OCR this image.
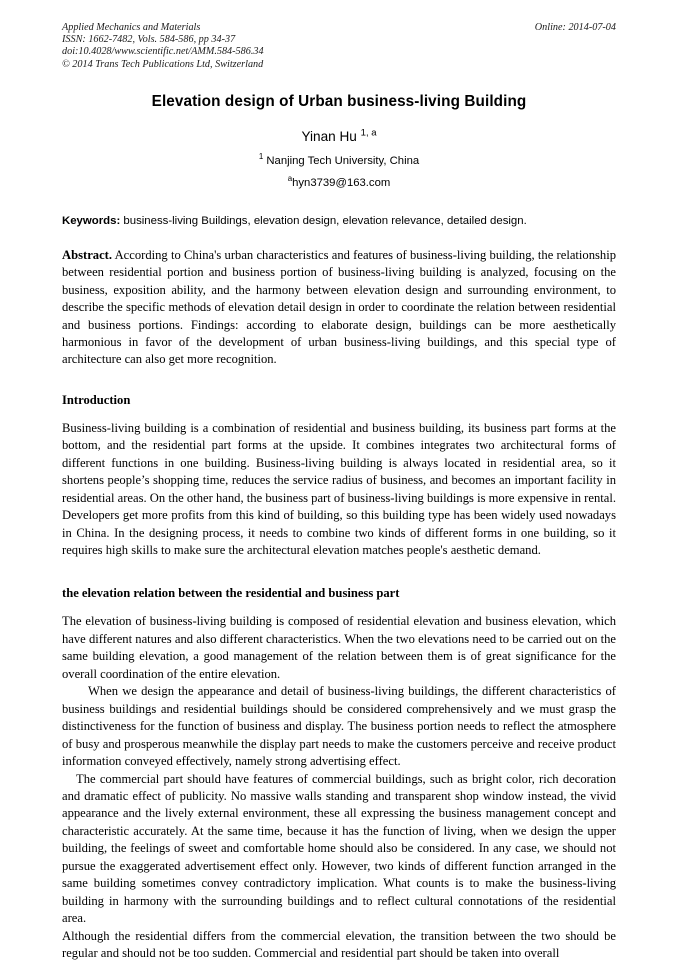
Applied Mechanics and Materials
ISSN: 1662-7482, Vols. 584-586, pp 34-37
doi:10.4028/www.scientific.net/AMM.584-586.34
© 2014 Trans Tech Publications Ltd, Switzerland
Online: 2014-07-04
Elevation design of Urban business-living Building
Yinan Hu $^{1, a}$
$^1$ Nanjing Tech University, China
$^a$hyn3739@163.com
Keywords: business-living Buildings, elevation design, elevation relevance, detailed design.
Abstract. According to China's urban characteristics and features of business-living building, the relationship between residential portion and business portion of business-living building is analyzed, focusing on the business, exposition ability, and the harmony between elevation design and surrounding environment, to describe the specific methods of elevation detail design in order to coordinate the relation between residential and business portions. Findings: according to elaborate design, buildings can be more aesthetically harmonious in favor of the development of urban business-living buildings, and this special type of architecture can also get more recognition.
Introduction

Business-living building is a combination of residential and business building, its business part forms at the bottom, and the residential part forms at the upside. It combines integrates two architectural forms of different functions in one building. Business-living building is always located in residential area, so it shortens people’s shopping time, reduces the service radius of business, and becomes an important facility in residential areas. On the other hand, the business part of business-living buildings is more expensive in rental. Developers get more profits from this kind of building, so this building type has been widely used nowadays in China. In the designing process, it needs to combine two kinds of different forms in one building, so it requires high skills to make sure the architectural elevation matches people's aesthetic demand.

the elevation relation between the residential and business part

The elevation of business-living building is composed of residential elevation and business elevation, which have different natures and also different characteristics. When the two elevations need to be carried out on the same building elevation, a good management of the relation between them is of great significance for the overall coordination of the entire elevation.

When we design the appearance and detail of business-living buildings, the different characteristics of business buildings and residential buildings should be considered comprehensively and we must grasp the distinctiveness for the function of business and display. The business portion needs to reflect the atmosphere of busy and prosperous meanwhile the display part needs to make the customers perceive and receive product information conveyed effectively, namely strong advertising effect.

The commercial part should have features of commercial buildings, such as bright color, rich decoration and dramatic effect of publicity. No massive walls standing and transparent shop window instead, the vivid appearance and the lively external environment, these all expressing the business management concept and characteristic accurately. At the same time, because it has the function of living, when we design the upper building, the feelings of sweet and comfortable home should also be considered. In any case, we should not pursue the exaggerated advertisement effect only. However, two kinds of different function arranged in the same building sometimes convey contradictory implication. What counts is to make the business-living building in harmony with the surrounding buildings and to reflect cultural connotations of the residential area.

Although the residential differs from the commercial elevation, the transition between the two should be regular and should not be too sudden. Commercial and residential part should be taken into overall
